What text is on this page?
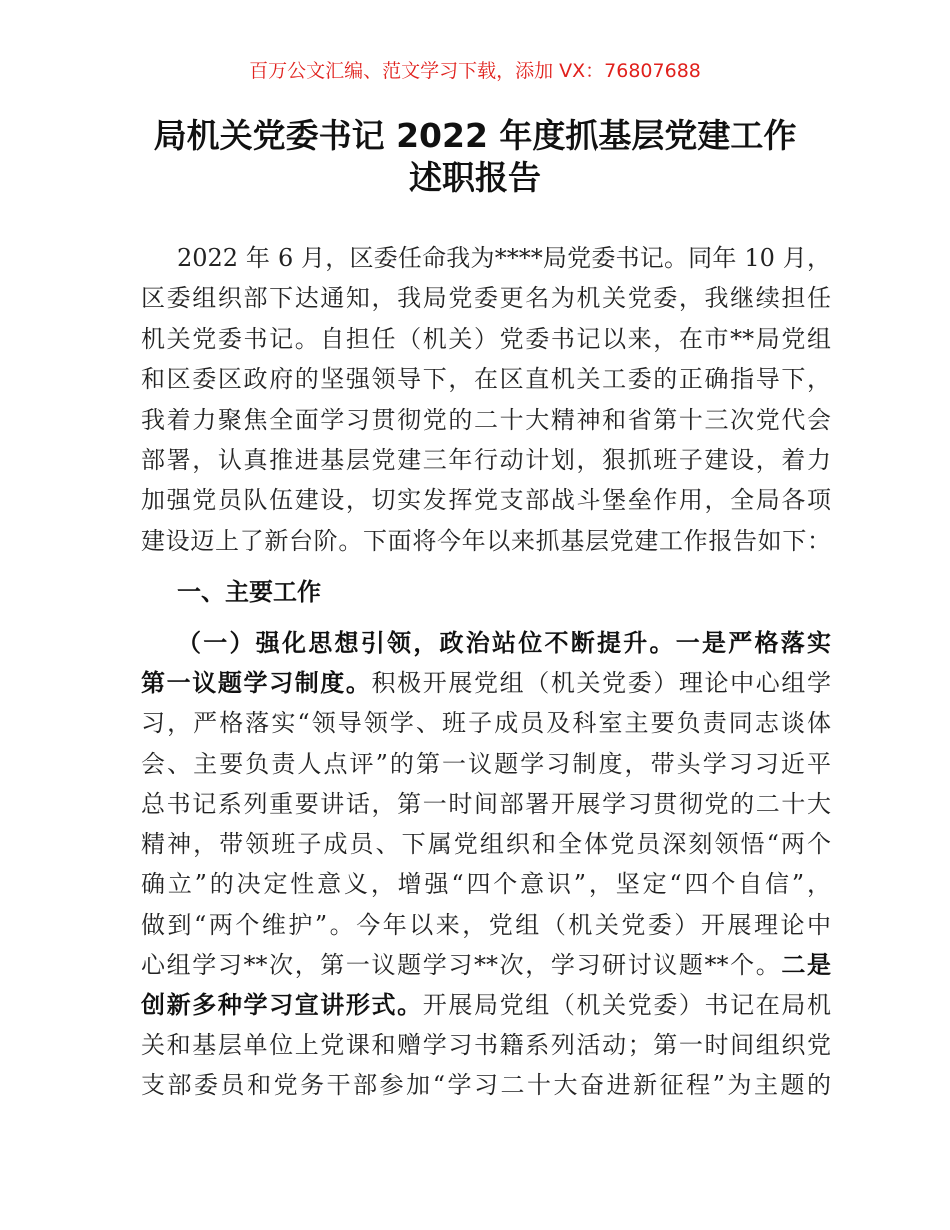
百万公文汇编、范文学习下载，添加 VX：76807688
局机关党委书记 2022 年度抓基层党建工作
述职报告
2022 年 6 月，区委任命我为****局党委书记。同年 10 月，
区委组织部下达通知，我局党委更名为机关党委，我继续担任
机关党委书记。自担任（机关）党委书记以来，在市**局党组
和区委区政府的坚强领导下，在区直机关工委的正确指导下，
我着力聚焦全面学习贯彻党的二十大精神和省第十三次党代会
部署，认真推进基层党建三年行动计划，狠抓班子建设，着力
加强党员队伍建设，切实发挥党支部战斗堡垒作用，全局各项
建设迈上了新台阶。下面将今年以来抓基层党建工作报告如下：
一、主要工作
（一）强化思想引领，政治站位不断提升。一是严格落实
第一议题学习制度。积极开展党组（机关党委）理论中心组学
习，严格落实“领导领学、班子成员及科室主要负责同志谈体
会、主要负责人点评”的第一议题学习制度，带头学习习近平
总书记系列重要讲话，第一时间部署开展学习贯彻党的二十大
精神，带领班子成员、下属党组织和全体党员深刻领悟“两个
确立”的决定性意义，增强“四个意识”，坚定“四个自信”，
做到“两个维护”。今年以来，党组（机关党委）开展理论中
心组学习**次，第一议题学习**次，学习研讨议题**个。二是
创新多种学习宣讲形式。开展局党组（机关党委）书记在局机
关和基层单位上党课和赠学习书籍系列活动；第一时间组织党
支部委员和党务干部参加“学习二十大奋进新征程”为主题的
